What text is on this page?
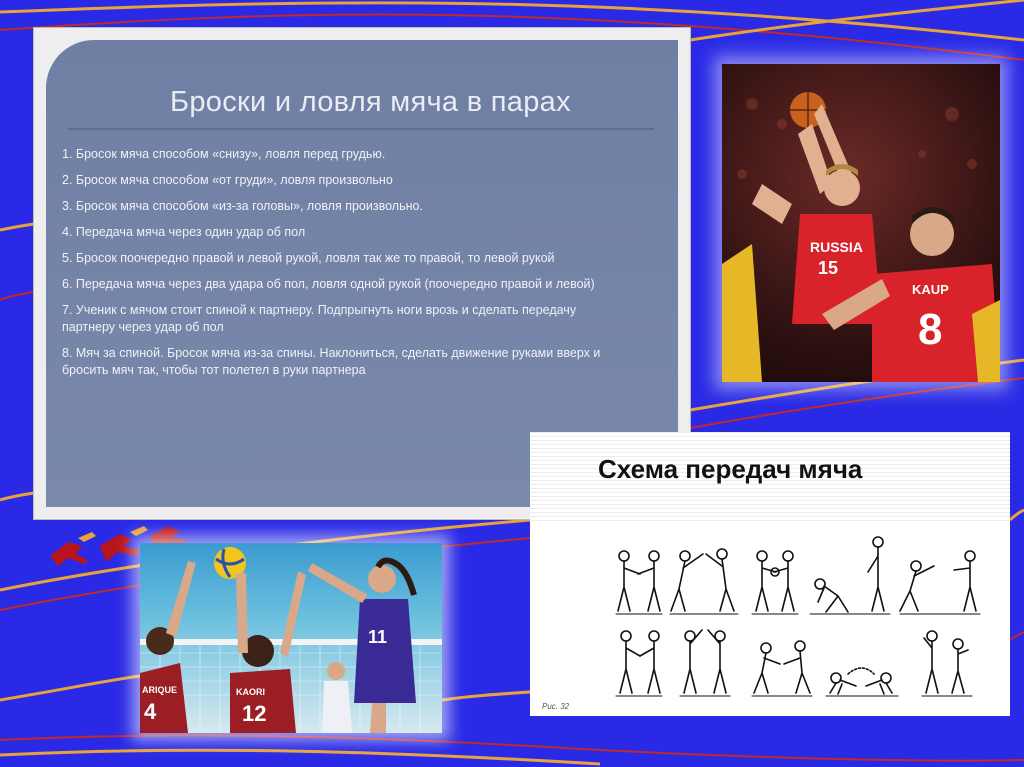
Броски и ловля мяча в парах
1. Бросок мяча способом «снизу», ловля перед грудью.
2. Бросок мяча способом «от груди», ловля произвольно
3. Бросок мяча способом «из-за головы», ловля произвольно.
4. Передача мяча через один удар об пол
5. Бросок поочередно правой и левой рукой, ловля так же то правой, то левой рукой
6. Передача мяча через два удара об пол, ловля одной рукой (поочередно правой и левой)
7. Ученик с мячом стоит спиной к партнеру. Подпрыгнуть ноги врозь и сделать передачу партнеру через удар об пол
8. Мяч за спиной. Бросок мяча из-за спины. Наклониться, сделать движение руками вверх и бросить мяч так, чтобы тот полетел в руки партнера
RUSSIA
15
KAUP
8
Схема передач мяча
Рис. 32
ARIQUE
4
KAORI
12
11
